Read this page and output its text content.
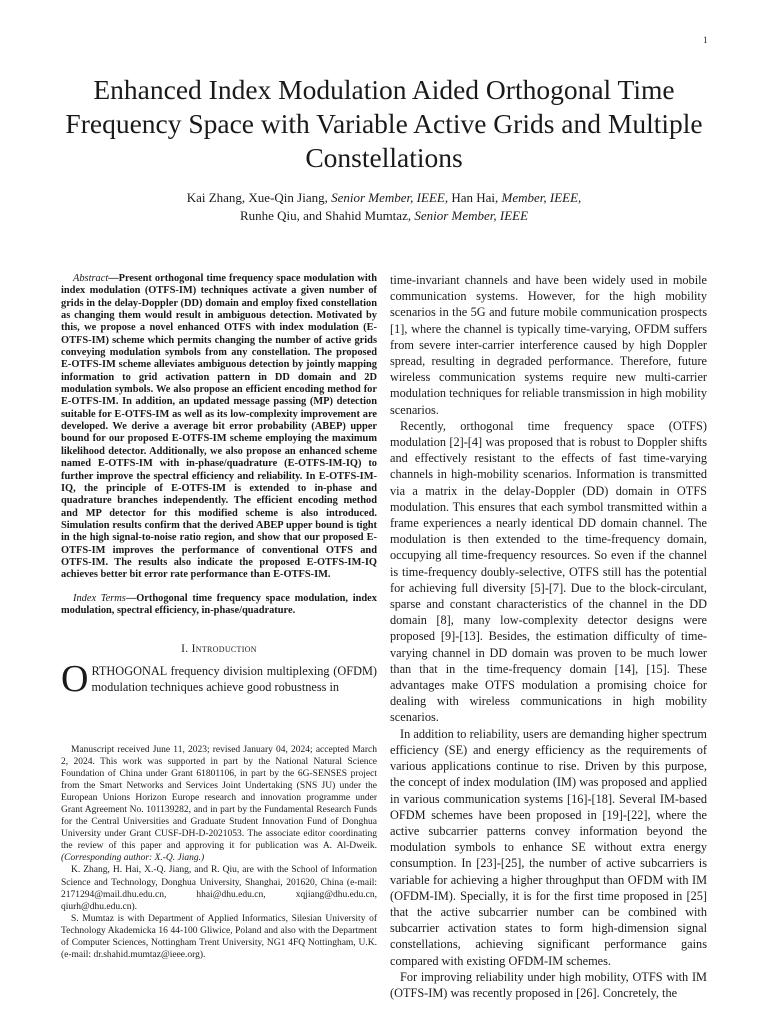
1
Enhanced Index Modulation Aided Orthogonal Time Frequency Space with Variable Active Grids and Multiple Constellations
Kai Zhang, Xue-Qin Jiang, Senior Member, IEEE, Han Hai, Member, IEEE,
Runhe Qiu, and Shahid Mumtaz, Senior Member, IEEE

Abstract—Present orthogonal time frequency space modulation with index modulation (OTFS-IM) techniques activate a given number of grids in the delay-Doppler (DD) domain and employ fixed constellation as changing them would result in ambiguous detection. Motivated by this, we propose a novel enhanced OTFS with index modulation (E-OTFS-IM) scheme which permits changing the number of active grids conveying modulation symbols from any constellation. The proposed E-OTFS-IM scheme alleviates ambiguous detection by jointly mapping information to grid activation pattern in DD domain and 2D modulation symbols. We also propose an efficient encoding method for E-OTFS-IM. In addition, an updated message passing (MP) detection suitable for E-OTFS-IM as well as its low-complexity improvement are developed. We derive a average bit error probability (ABEP) upper bound for our proposed E-OTFS-IM scheme employing the maximum likelihood detector. Additionally, we also propose an enhanced scheme named E-OTFS-IM with in-phase/quadrature (E-OTFS-IM-IQ) to further improve the spectral efficiency and reliability. In E-OTFS-IM-IQ, the principle of E-OTFS-IM is extended to in-phase and quadrature branches independently. The efficient encoding method and MP detector for this modified scheme is also introduced. Simulation results confirm that the derived ABEP upper bound is tight in the high signal-to-noise ratio region, and show that our proposed E-OTFS-IM improves the performance of conventional OTFS and OTFS-IM. The results also indicate the proposed E-OTFS-IM-IQ achieves better bit error rate performance than E-OTFS-IM.

Index Terms—Orthogonal time frequency space modulation, index modulation, spectral efficiency, in-phase/quadrature.

I. Introduction

ORTHOGONAL frequency division multiplexing (OFDM) modulation techniques achieve good robustness in

Manuscript received June 11, 2023; revised January 04, 2024; accepted March 2, 2024. This work was supported in part by the National Natural Science Foundation of China under Grant 61801106, in part by the 6G-SENSES project from the Smart Networks and Services Joint Undertaking (SNS JU) under the European Unions Horizon Europe research and innovation programme under Grant Agreement No. 101139282, and in part by the Fundamental Research Funds for the Central Universities and Graduate Student Innovation Fund of Donghua University under Grant CUSF-DH-D-2021053. The associate editor coordinating the review of this paper and approving it for publication was A. Al-Dweik. (Corresponding author: X.-Q. Jiang.)

K. Zhang, H. Hai, X.-Q. Jiang, and R. Qiu, are with the School of Information Science and Technology, Donghua University, Shanghai, 201620, China (e-mail: 2171294@mail.dhu.edu.cn, hhai@dhu.edu.cn, xqjiang@dhu.edu.cn, qiurh@dhu.edu.cn).

S. Mumtaz is with Department of Applied Informatics, Silesian University of Technology Akademicka 16 44-100 Gliwice, Poland and also with the Department of Computer Sciences, Nottingham Trent University, NG1 4FQ Nottingham, U.K.(e-mail: dr.shahid.mumtaz@ieee.org).

time-invariant channels and have been widely used in mobile communication systems. However, for the high mobility scenarios in the 5G and future mobile communication prospects [1], where the channel is typically time-varying, OFDM suffers from severe inter-carrier interference caused by high Doppler spread, resulting in degraded performance. Therefore, future wireless communication systems require new multi-carrier modulation techniques for reliable transmission in high mobility scenarios.

Recently, orthogonal time frequency space (OTFS) modulation [2]-[4] was proposed that is robust to Doppler shifts and effectively resistant to the effects of fast time-varying channels in high-mobility scenarios. Information is transmitted via a matrix in the delay-Doppler (DD) domain in OTFS modulation. This ensures that each symbol transmitted within a frame experiences a nearly identical DD domain channel. The modulation is then extended to the time-frequency domain, occupying all time-frequency resources. So even if the channel is time-frequency doubly-selective, OTFS still has the potential for achieving full diversity [5]-[7]. Due to the block-circulant, sparse and constant characteristics of the channel in the DD domain [8], many low-complexity detector designs were proposed [9]-[13]. Besides, the estimation difficulty of time-varying channel in DD domain was proven to be much lower than that in the time-frequency domain [14], [15]. These advantages make OTFS modulation a promising choice for dealing with wireless communications in high mobility scenarios.

In addition to reliability, users are demanding higher spectrum efficiency (SE) and energy efficiency as the requirements of various applications continue to rise. Driven by this purpose, the concept of index modulation (IM) was proposed and applied in various communication systems [16]-[18]. Several IM-based OFDM schemes have been proposed in [19]-[22], where the active subcarrier patterns convey information beyond the modulation symbols to enhance SE without extra energy consumption. In [23]-[25], the number of active subcarriers is variable for achieving a higher throughput than OFDM with IM (OFDM-IM). Specially, it is for the first time proposed in [25] that the active subcarrier number can be combined with subcarrier activation states to form high-dimension signal constellations, achieving significant performance gains compared with existing OFDM-IM schemes.

For improving reliability under high mobility, OTFS with IM (OTFS-IM) was recently proposed in [26]. Concretely, the
